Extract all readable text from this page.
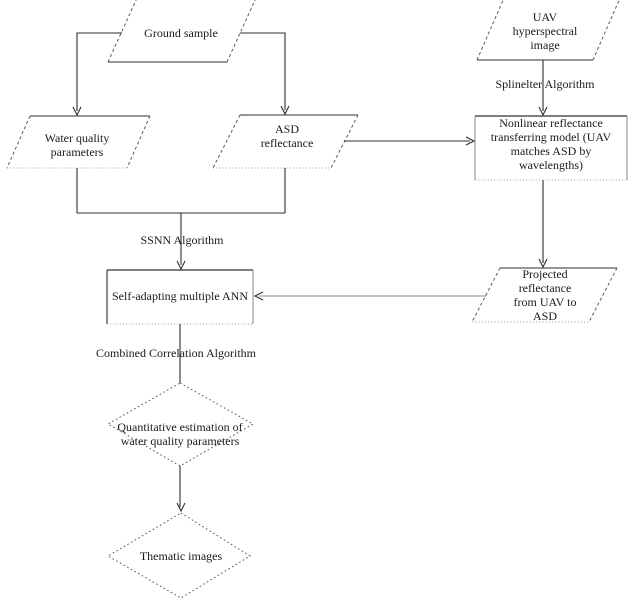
Ground sample
UAV hyperspectral image
Water quality parameters
ASD reflectance
Nonlinear reflectance transferring model (UAV matches ASD by wavelengths)
Self-adapting multiple ANN
Projected reflectance from UAV to ASD
Quantitative estimation of water quality parameters
Thematic images
Splinelter Algorithm
SSNN Algorithm
Combined Correlation Algorithm
